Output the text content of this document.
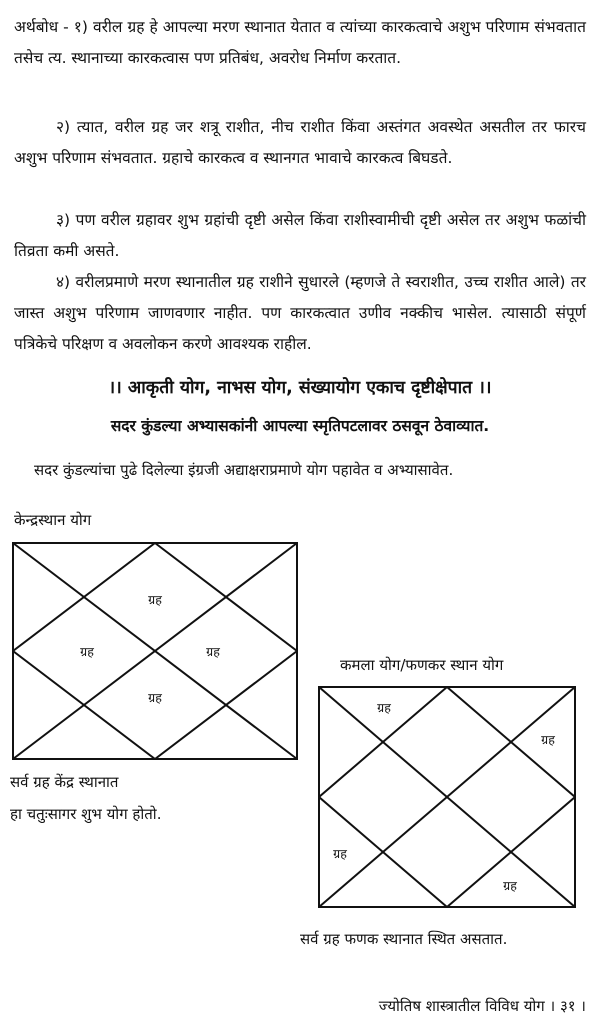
अर्थबोध - १) वरील ग्रह हे आपल्या मरण स्थानात येतात व त्यांच्या कारकत्वाचे अशुभ परिणाम संभवतात तसेच त्य. स्थानाच्या कारकत्वास पण प्रतिबंध, अवरोध निर्माण करतात.

२) त्यात, वरील ग्रह जर शत्रू राशीत, नीच राशीत किंवा अस्तंगत अवस्थेत असतील तर फारच अशुभ परिणाम संभवतात. ग्रहाचे कारकत्व व स्थानगत भावाचे कारकत्व बिघडते.

३) पण वरील ग्रहावर शुभ ग्रहांची दृष्टी असेल किंवा राशीस्वामीची दृष्टी असेल तर अशुभ फळांची तिव्रता कमी असते.

४) वरीलप्रमाणे मरण स्थानातील ग्रह राशीने सुधारले (म्हणजे ते स्वराशीत, उच्च राशीत आले) तर जास्त अशुभ परिणाम जाणवणार नाहीत. पण कारकत्वात उणीव नक्कीच भासेल. त्यासाठी संपूर्ण पत्रिकेचे परिक्षण व अवलोकन करणे आवश्यक राहील.

।। आकृती योग, नाभस योग, संख्यायोग एकाच दृष्टीक्षेपात ।।

सदर कुंडल्या अभ्यासकांनी आपल्या स्मृतिपटलावर ठसवून ठेवाव्यात.

सदर कुंडल्यांचा पुढे दिलेल्या इंग्रजी अद्याक्षराप्रमाणे योग पहावेत व अभ्यासावेत.

केन्द्रस्थान योग

ग्रह
ग्रह	ग्रह
ग्रह

सर्व ग्रह केंद्र स्थानात

हा चतुःसागर शुभ योग होतो.

कमला योग/फणकर स्थान योग

ग्रह
ग्रह
ग्रह
ग्रह

सर्व ग्रह फणक स्थानात स्थित असतात.

ज्योतिष शास्त्रातील विविध योग । ३१ ।
